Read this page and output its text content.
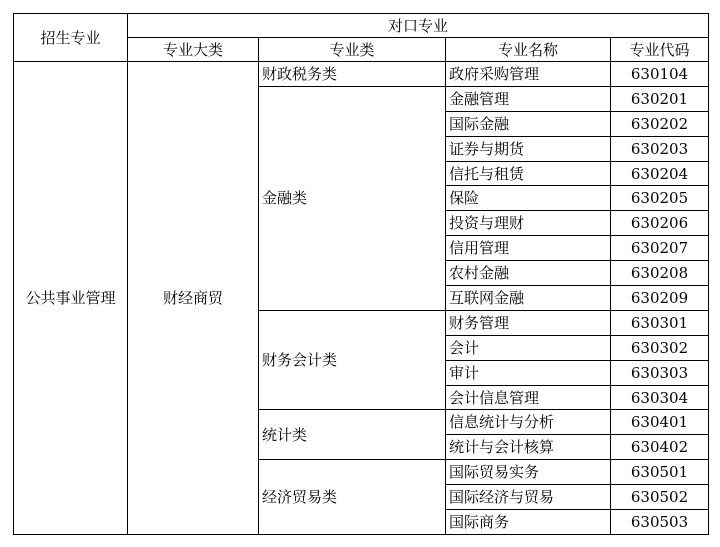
招生专业	对口专业			
	专业大类	专业类	专业名称	专业代码
公共事业管理	财经商贸	财政税务类	政府采购管理	630104
		金融类	金融管理	630201
			国际金融	630202
			证券与期货	630203
			信托与租赁	630204
			保险	630205
			投资与理财	630206
			信用管理	630207
			农村金融	630208
			互联网金融	630209
		财务会计类	财务管理	630301
			会计	630302
			审计	630303
			会计信息管理	630304
		统计类	信息统计与分析	630401
			统计与会计核算	630402
		经济贸易类	国际贸易实务	630501
			国际经济与贸易	630502
			国际商务	630503
